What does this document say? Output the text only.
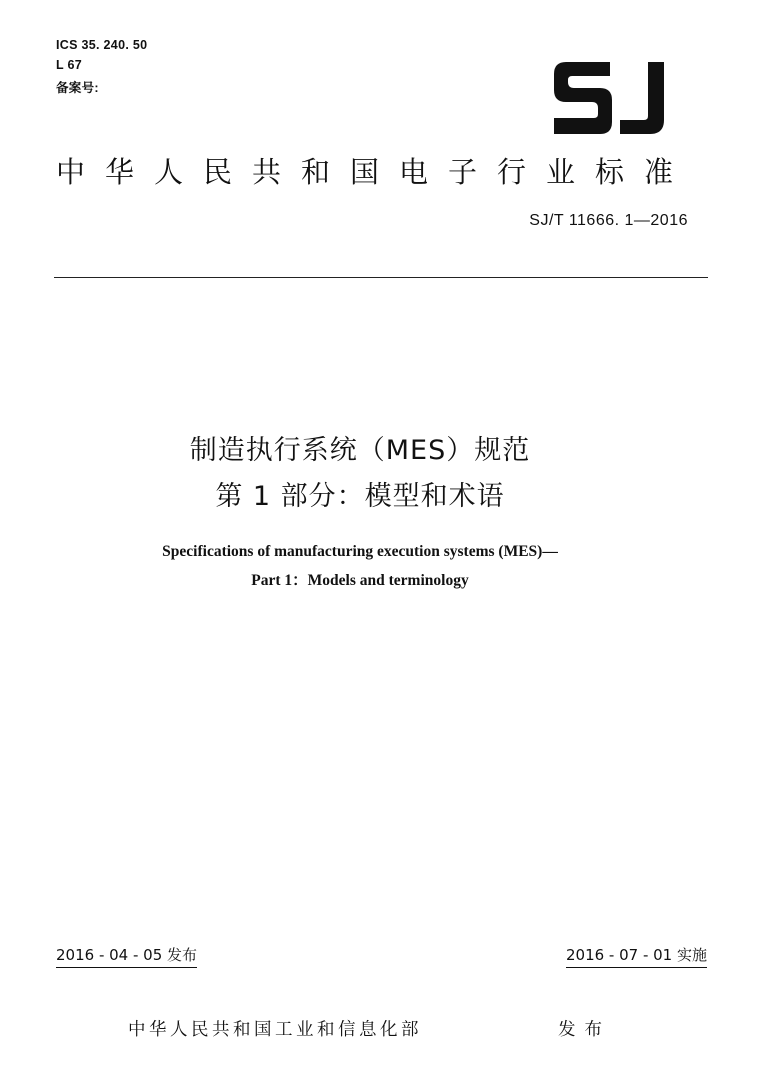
ICS 35. 240. 50
L 67
备案号:
中华人民共和国电子行业标准
SJ/T 11666. 1—2016
制造执行系统（MES）规范
第 1 部分：模型和术语
Specifications of manufacturing execution systems (MES)—
Part 1：Models and terminology
2016 - 04 - 05 发布	2016 - 07 - 01 实施
中华人民共和国工业和信息化部	发布
